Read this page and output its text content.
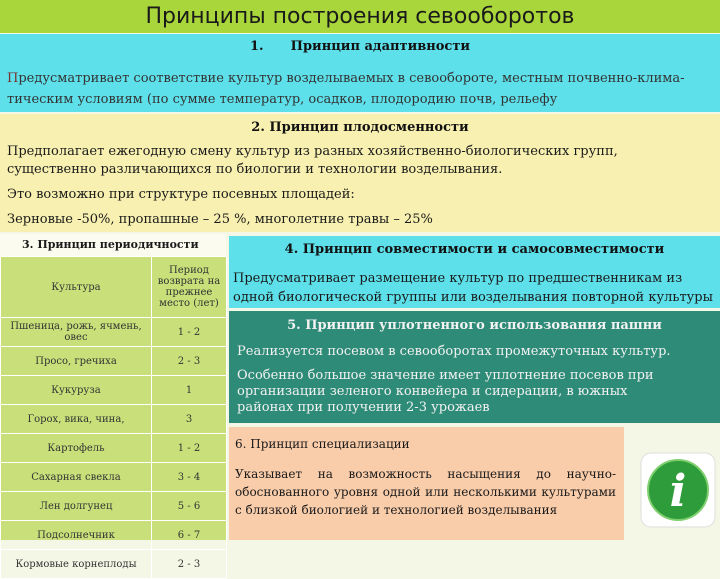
Принципы построения севооборотов
1.      Принцип адаптивности
Предусматривает соответствие культур возделываемых в севообороте, местным почвенно-клима-тическим условиям (по сумме температур, осадков, плодородию почв, рельефу
2. Принцип плодосменности

Предполагает ежегодную смену культур из разных хозяйственно-биологических групп, существенно различающихся по биологии и технологии возделывания.

Это возможно при структуре посевных площадей:

Зерновые -50%, пропашные – 25 %, многолетние травы – 25%

3. Принцип периодичности
Культура	Период возврата на прежнее место (лет)
Пшеница, рожь, ячмень, овес	1 - 2
Просо, гречиха	2 - 3
Кукуруза	1
Горох, вика, чина,	3
Картофель	1 - 2
Сахарная свекла	3 - 4
Лен долгунец	5 - 6
Подсолнечник	6 - 7
Кормовые корнеплоды	2 - 3
4. Принцип совместимости и самосовместимости
Предусматривает размещение культур по предшественникам из одной биологической группы или возделывания повторной культуры
5. Принцип уплотненного использования пашни

Реализуется посевом в севооборотах промежуточных культур.

Особенно большое значение имеет уплотнение посевов при организации зеленого конвейера и сидерации, в южных районах при получении 2-3 урожаев

6. Принцип специализации
Указывает на возможность насыщения до научно-обоснованного уровня одной или несколькими культурами с близкой биологией и технологией возделывания	i
